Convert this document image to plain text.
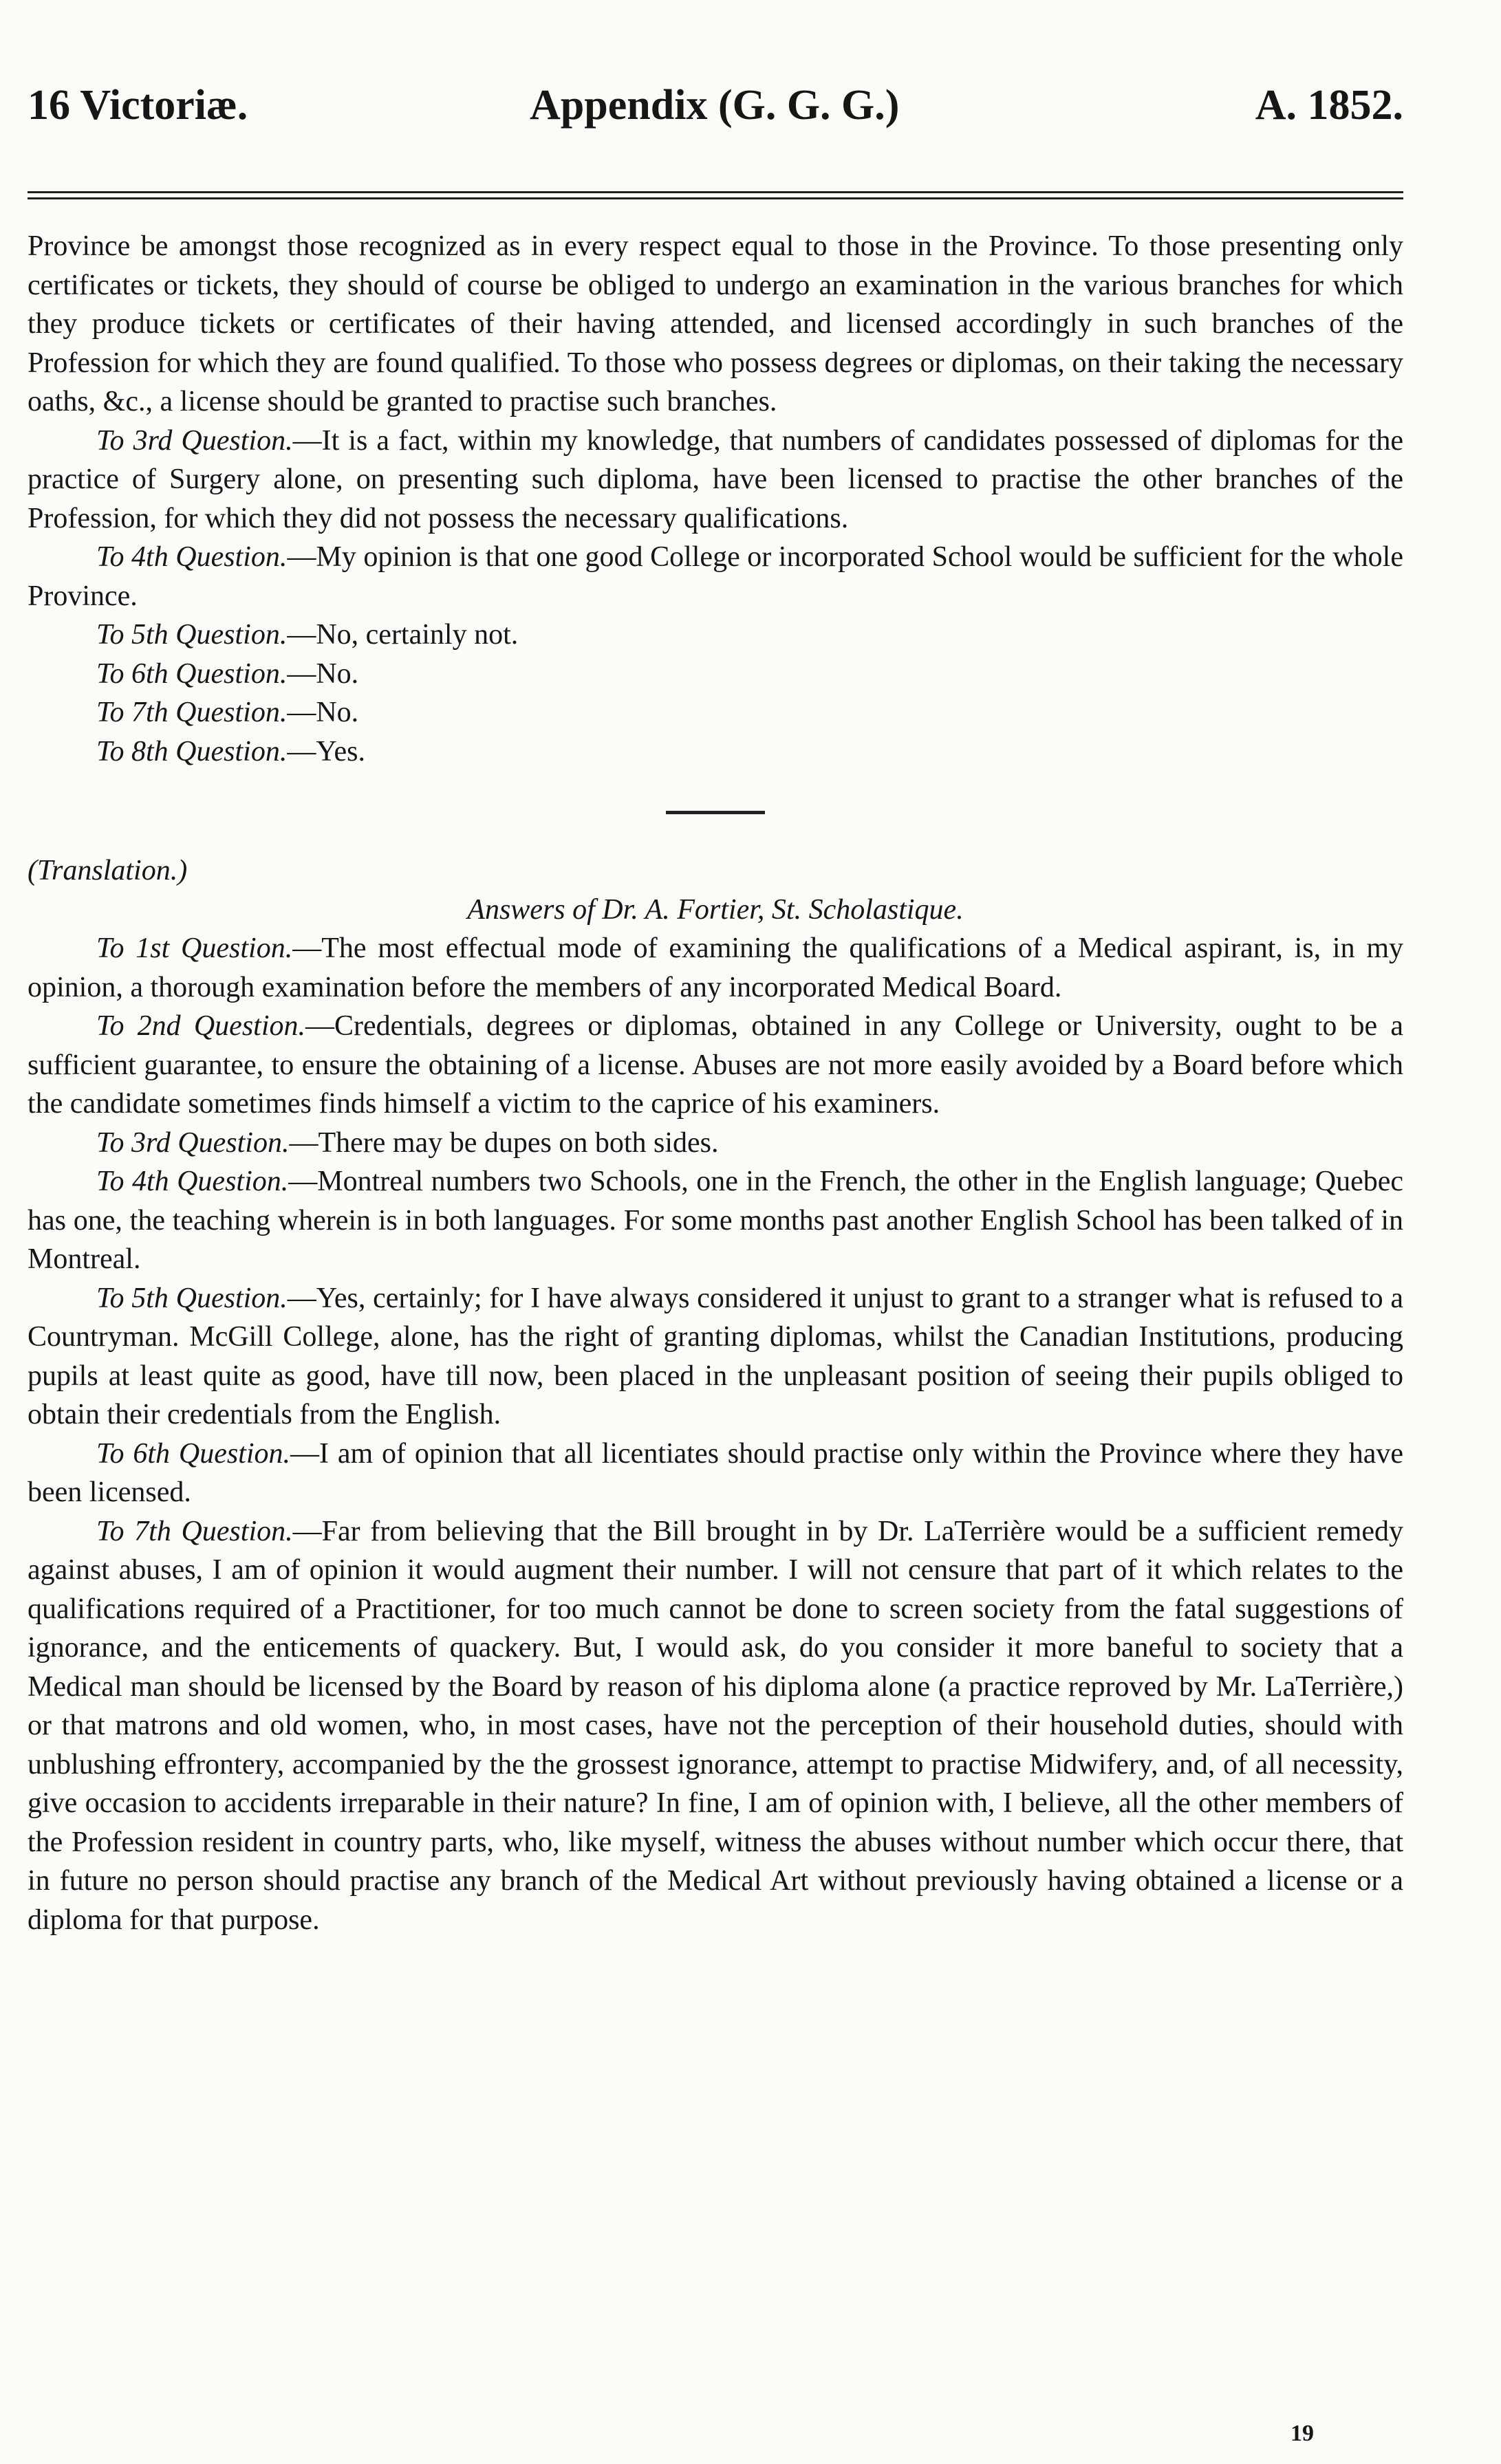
16 Victoriæ.	Appendix (G. G. G.)	A. 1852.

Province be amongst those recognized as in every respect equal to those in the Province. To those presenting only certificates or tickets, they should of course be obliged to undergo an examination in the various branches for which they produce tickets or certificates of their having attended, and licensed accordingly in such branches of the Profession for which they are found qualified. To those who possess degrees or diplomas, on their taking the necessary oaths, &c., a license should be granted to practise such branches.

To 3rd Question.—It is a fact, within my knowledge, that numbers of candidates possessed of diplomas for the practice of Surgery alone, on presenting such diploma, have been licensed to practise the other branches of the Profession, for which they did not possess the necessary qualifications.

To 4th Question.—My opinion is that one good College or incorporated School would be sufficient for the whole Province.

To 5th Question.—No, certainly not.

To 6th Question.—No.

To 7th Question.—No.

To 8th Question.—Yes.

(Translation.)

Answers of Dr. A. Fortier, St. Scholastique.

To 1st Question.—The most effectual mode of examining the qualifications of a Medical aspirant, is, in my opinion, a thorough examination before the members of any incorporated Medical Board.

To 2nd Question.—Credentials, degrees or diplomas, obtained in any College or University, ought to be a sufficient guarantee, to ensure the obtaining of a license. Abuses are not more easily avoided by a Board before which the candidate sometimes finds himself a victim to the caprice of his examiners.

To 3rd Question.—There may be dupes on both sides.

To 4th Question.—Montreal numbers two Schools, one in the French, the other in the English language; Quebec has one, the teaching wherein is in both languages. For some months past another English School has been talked of in Montreal.

To 5th Question.—Yes, certainly; for I have always considered it unjust to grant to a stranger what is refused to a Countryman. McGill College, alone, has the right of granting diplomas, whilst the Canadian Institutions, producing pupils at least quite as good, have till now, been placed in the unpleasant position of seeing their pupils obliged to obtain their credentials from the English.

To 6th Question.—I am of opinion that all licentiates should practise only within the Province where they have been licensed.

To 7th Question.—Far from believing that the Bill brought in by Dr. LaTerrière would be a sufficient remedy against abuses, I am of opinion it would augment their number. I will not censure that part of it which relates to the qualifications required of a Practitioner, for too much cannot be done to screen society from the fatal suggestions of ignorance, and the enticements of quackery. But, I would ask, do you consider it more baneful to society that a Medical man should be licensed by the Board by reason of his diploma alone (a practice reproved by Mr. LaTerrière,) or that matrons and old women, who, in most cases, have not the perception of their household duties, should with unblushing effrontery, accompanied by the the grossest ignorance, attempt to practise Midwifery, and, of all necessity, give occasion to accidents irreparable in their nature? In fine, I am of opinion with, I believe, all the other members of the Profession resident in country parts, who, like myself, witness the abuses without number which occur there, that in future no person should practise any branch of the Medical Art without previously having obtained a license or a diploma for that purpose.

19
